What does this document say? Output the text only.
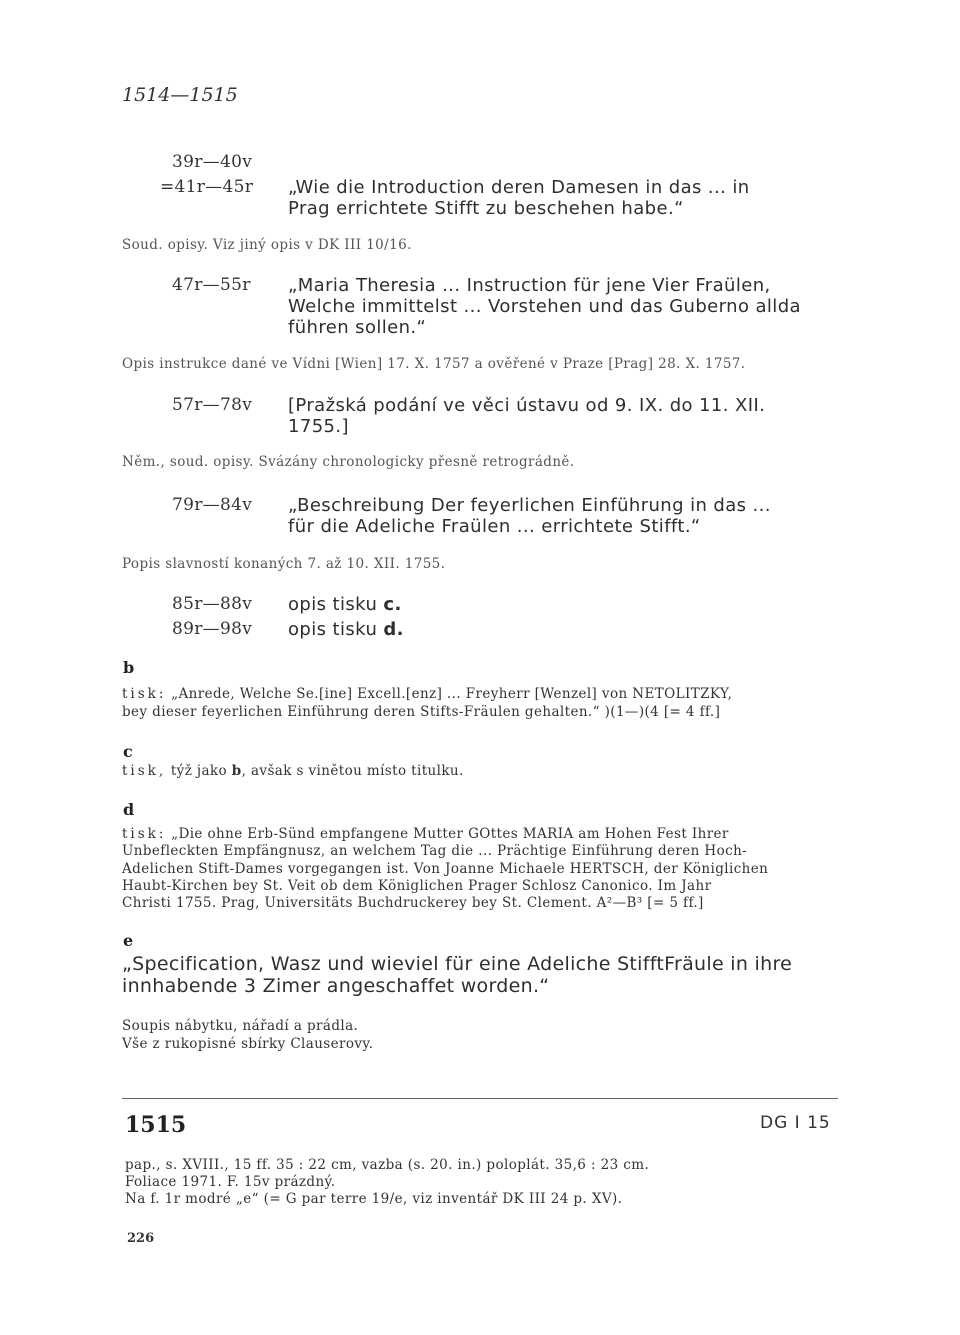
1514—1515
39r—40v
=41r—45r „Wie die Introduction deren Damesen in das ... in
Prag errichtete Stifft zu beschehen habe.“
Soud. opisy. Viz jiný opis v DK III 10/16.
47r—55r „Maria Theresia ... Instruction für jene Vier Fraülen,
Welche immittelst ... Vorstehen und das Guberno allda
führen sollen.“
Opis instrukce dané ve Vídni [Wien] 17. X. 1757 a ověřené v Praze [Prag] 28. X. 1757.
57r—78v [Pražská podání ve věci ústavu od 9. IX. do 11. XII.
1755.]
Něm., soud. opisy. Svázány chronologicky přesně retrográdně.
79r—84v „Beschreibung Der feyerlichen Einführung in das ...
für die Adeliche Fraülen ... errichtete Stifft.“
Popis slavností konaných 7. až 10. XII. 1755.
85r—88v opis tisku c.
89r—98v opis tisku d.
b
tisk: „Anrede, Welche Se.[ine] Excell.[enz] ... Freyherr [Wenzel] von NETOLITZKY,
bey dieser feyerlichen Einführung deren Stifts-Fräulen gehalten.“ )(1—)(4 [= 4 ff.]
c
tisk, týž jako b, avšak s vinětou místo titulku.
d
tisk: „Die ohne Erb-Sünd empfangene Mutter GOttes MARIA am Hohen Fest Ihrer
Unbefleckten Empfängnusz, an welchem Tag die ... Prächtige Einführung deren Hoch-
Adelichen Stift-Dames vorgegangen ist. Von Joanne Michaele HERTSCH, der Königlichen
Haubt-Kirchen bey St. Veit ob dem Königlichen Prager Schlosz Canonico. Im Jahr
Christi 1755. Prag, Universitäts Buchdruckerey bey St. Clement. A²—B³ [= 5 ff.]
e
„Specification, Wasz und wieviel für eine Adeliche StifftFräule in ihre
innhabende 3 Zimer angeschaffet worden.“
Soupis nábytku, nářadí a prádla.
Vše z rukopisné sbírky Clauserovy.
1515	DG I 15
pap., s. XVIII., 15 ff. 35 : 22 cm, vazba (s. 20. in.) poloplát. 35,6 : 23 cm.
Foliace 1971. F. 15v prázdný.
Na f. 1r modré „e“ (= G par terre 19/e, viz inventář DK III 24 p. XV).
226
